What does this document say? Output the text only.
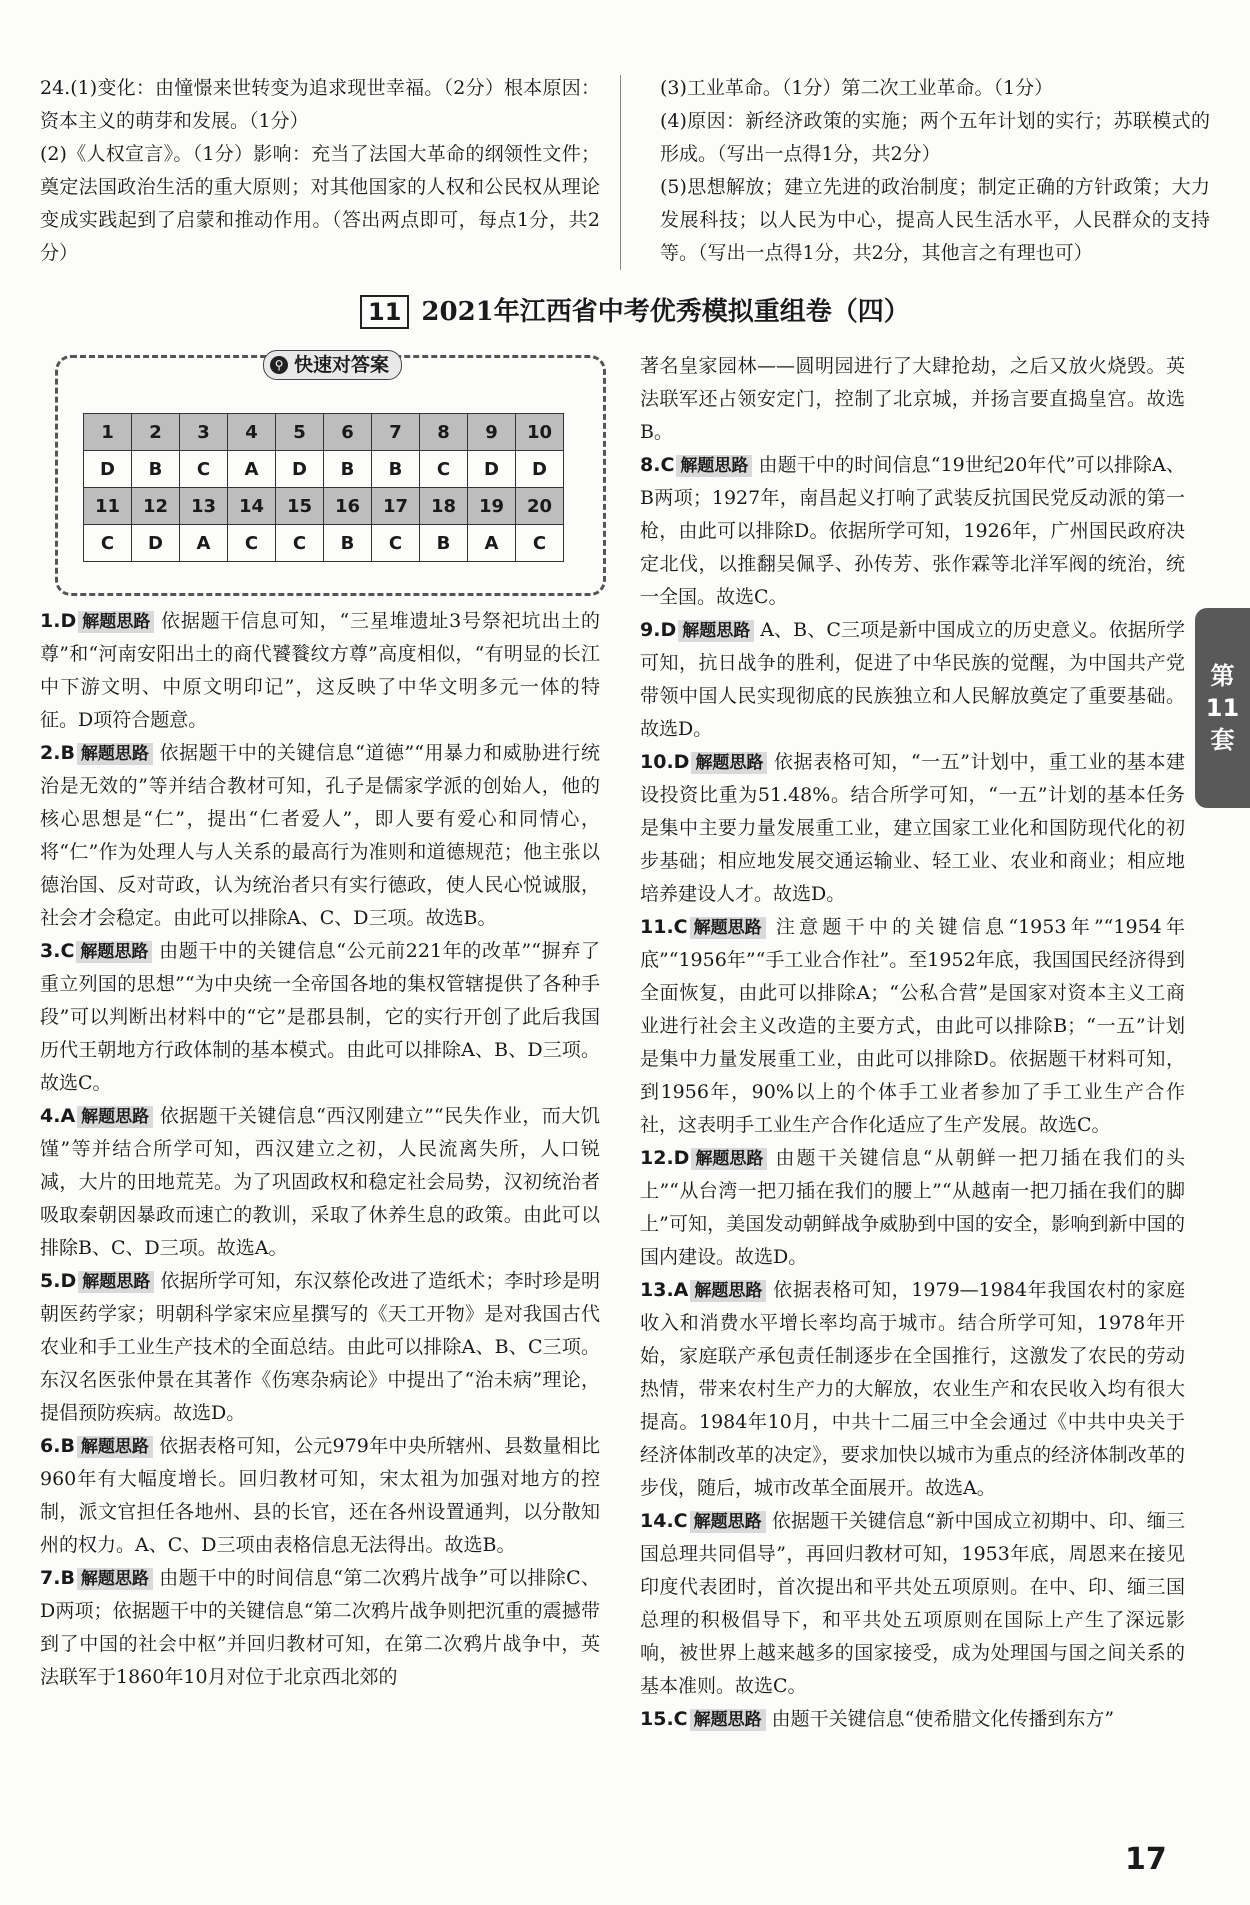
24.(1)变化：由憧憬来世转变为追求现世幸福。（2分）根本原因：资本主义的萌芽和发展。（1分）

(2)《人权宣言》。（1分）影响：充当了法国大革命的纲领性文件；奠定法国政治生活的重大原则；对其他国家的人权和公民权从理论变成实践起到了启蒙和推动作用。（答出两点即可，每点1分，共2分）

(3)工业革命。（1分）第二次工业革命。（1分）

(4)原因：新经济政策的实施；两个五年计划的实行；苏联模式的形成。（写出一点得1分，共2分）

(5)思想解放；建立先进的政治制度；制定正确的方针政策；大力发展科技；以人民为中心，提高人民生活水平，人民群众的支持等。（写出一点得1分，共2分，其他言之有理也可）

11 2021年江西省中考优秀模拟重组卷（四）
⚲ 快速对答案
1	2	3	4	5	6	7	8	9	10
D	B	C	A	D	B	B	C	D	D
11	12	13	14	15	16	17	18	19	20
C	D	A	C	C	B	C	B	A	C

1.D 解题思路 依据题干信息可知，“三星堆遗址3号祭祀坑出土的尊”和“河南安阳出土的商代饕餮纹方尊”高度相似，“有明显的长江中下游文明、中原文明印记”，这反映了中华文明多元一体的特征。D项符合题意。

2.B 解题思路 依据题干中的关键信息“道德”“用暴力和威胁进行统治是无效的”等并结合教材可知，孔子是儒家学派的创始人，他的核心思想是“仁”，提出“仁者爱人”，即人要有爱心和同情心，将“仁”作为处理人与人关系的最高行为准则和道德规范；他主张以德治国、反对苛政，认为统治者只有实行德政，使人民心悦诚服，社会才会稳定。由此可以排除A、C、D三项。故选B。

3.C 解题思路 由题干中的关键信息“公元前221年的改革”“摒弃了重立列国的思想”“为中央统一全帝国各地的集权管辖提供了各种手段”可以判断出材料中的“它”是郡县制，它的实行开创了此后我国历代王朝地方行政体制的基本模式。由此可以排除A、B、D三项。故选C。

4.A 解题思路 依据题干关键信息“西汉刚建立”“民失作业，而大饥馑”等并结合所学可知，西汉建立之初，人民流离失所，人口锐减，大片的田地荒芜。为了巩固政权和稳定社会局势，汉初统治者吸取秦朝因暴政而速亡的教训，采取了休养生息的政策。由此可以排除B、C、D三项。故选A。

5.D 解题思路 依据所学可知，东汉蔡伦改进了造纸术；李时珍是明朝医药学家；明朝科学家宋应星撰写的《天工开物》是对我国古代农业和手工业生产技术的全面总结。由此可以排除A、B、C三项。东汉名医张仲景在其著作《伤寒杂病论》中提出了“治未病”理论，提倡预防疾病。故选D。

6.B 解题思路 依据表格可知，公元979年中央所辖州、县数量相比960年有大幅度增长。回归教材可知，宋太祖为加强对地方的控制，派文官担任各地州、县的长官，还在各州设置通判，以分散知州的权力。A、C、D三项由表格信息无法得出。故选B。

7.B 解题思路 由题干中的时间信息“第二次鸦片战争”可以排除C、D两项；依据题干中的关键信息“第二次鸦片战争则把沉重的震撼带到了中国的社会中枢”并回归教材可知，在第二次鸦片战争中，英法联军于1860年10月对位于北京西北郊的

著名皇家园林——圆明园进行了大肆抢劫，之后又放火烧毁。英法联军还占领安定门，控制了北京城，并扬言要直捣皇宫。故选B。

8.C 解题思路 由题干中的时间信息“19世纪20年代”可以排除A、B两项；1927年，南昌起义打响了武装反抗国民党反动派的第一枪，由此可以排除D。依据所学可知，1926年，广州国民政府决定北伐，以推翻吴佩孚、孙传芳、张作霖等北洋军阀的统治，统一全国。故选C。

9.D 解题思路 A、B、C三项是新中国成立的历史意义。依据所学可知，抗日战争的胜利，促进了中华民族的觉醒，为中国共产党带领中国人民实现彻底的民族独立和人民解放奠定了重要基础。故选D。

10.D 解题思路 依据表格可知，“一五”计划中，重工业的基本建设投资比重为51.48%。结合所学可知，“一五”计划的基本任务是集中主要力量发展重工业，建立国家工业化和国防现代化的初步基础；相应地发展交通运输业、轻工业、农业和商业；相应地培养建设人才。故选D。

11.C 解题思路 注意题干中的关键信息“1953年”“1954年底”“1956年”“手工业合作社”。至1952年底，我国国民经济得到全面恢复，由此可以排除A；“公私合营”是国家对资本主义工商业进行社会主义改造的主要方式，由此可以排除B；“一五”计划是集中力量发展重工业，由此可以排除D。依据题干材料可知，到1956年，90%以上的个体手工业者参加了手工业生产合作社，这表明手工业生产合作化适应了生产发展。故选C。

12.D 解题思路 由题干关键信息“从朝鲜一把刀插在我们的头上”“从台湾一把刀插在我们的腰上”“从越南一把刀插在我们的脚上”可知，美国发动朝鲜战争威胁到中国的安全，影响到新中国的国内建设。故选D。

13.A 解题思路 依据表格可知，1979—1984年我国农村的家庭收入和消费水平增长率均高于城市。结合所学可知，1978年开始，家庭联产承包责任制逐步在全国推行，这激发了农民的劳动热情，带来农村生产力的大解放，农业生产和农民收入均有很大提高。1984年10月，中共十二届三中全会通过《中共中央关于经济体制改革的决定》，要求加快以城市为重点的经济体制改革的步伐，随后，城市改革全面展开。故选A。

14.C 解题思路 依据题干关键信息“新中国成立初期中、印、缅三国总理共同倡导”，再回归教材可知，1953年底，周恩来在接见印度代表团时，首次提出和平共处五项原则。在中、印、缅三国总理的积极倡导下，和平共处五项原则在国际上产生了深远影响，被世界上越来越多的国家接受，成为处理国与国之间关系的基本准则。故选C。

15.C 解题思路 由题干关键信息“使希腊文化传播到东方”

第
11
套
17
